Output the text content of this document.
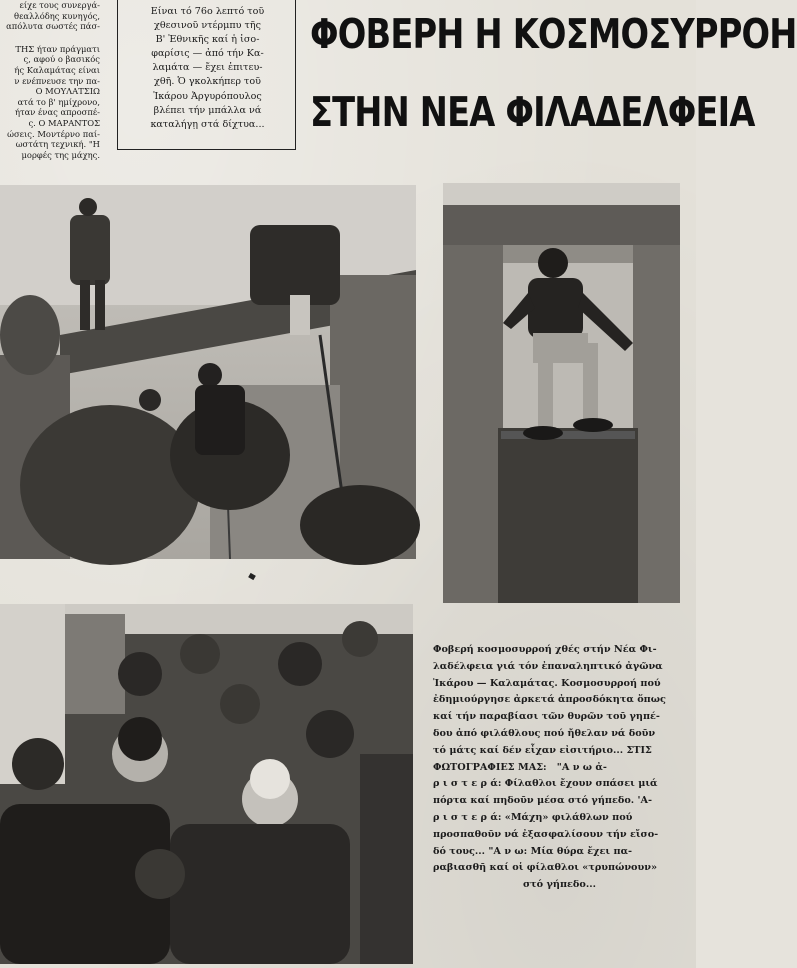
είχε τους συνεργά-
θεαλλόδης κυνηγός,
απόλυτα σωστές πάσ-
ΤΗΣ ήταν πράγματι
ς, αφού ο βασικός
ής Καλαμάτας είναι
ν ενέπνευσε την πα-
Ο ΜΟΥΛΑΤΣΙΩ
ατά το β' ημίχρονο,
ήταν ένας απροσπέ-
ς. Ο ΜΑΡΑΝΤΟΣ
ώσεις. Μοντέρνο παί-
ωστάτη τεχνική. "Η
μορφές της μάχης.
Είναι τό 76ο λεπτό τοῦ
χθεσινοῦ ντέρμπυ τῆς
Β' Ἐθνικῆς καί ἡ ἰσο-
φαρίσις — ἀπό τήν Κα-
λαμάτα — ἔχει ἐπιτευ-
χθῆ. Ὁ γκολκήπερ τοῦ
Ἰκάρου Ἀργυρόπουλος
βλέπει τήν μπάλλα νά
καταλήγῃ στά δίχτυα...
ΦΟΒΕΡΗ Η ΚΟΣΜΟΣΥΡΡΟΗ
ΣΤΗΝ ΝΕΑ ΦΙΛΑΔΕΛΦΕΙΑ
Φοβερή κοσμοσυρροή χθές στήν Νέα Φι-
λαδέλφεια γιά τόν ἐπαναληπτικό ἀγῶνα
Ἰκάρου — Καλαμάτας. Κοσμοσυρροή πού
ἐδημιούργησε ἀρκετά ἀπροσδόκητα ὅπως
καί τήν παραβίασι τῶν θυρῶν τοῦ γηπέ-
δου ἀπό φιλάθλους πού ἤθελαν νά δοῦν
τό μάτς καί δέν εἶχαν εἰσιτήριο... ΣΤΙΣ
ΦΩΤΟΓΡΑΦΙΕΣ ΜΑΣ: "Α ν ω ἀ-
ρ ι σ τ ε ρ ά: Φίλαθλοι ἔχουν σπάσει μιά
πόρτα καί πηδοῦν μέσα στό γήπεδο. 'Α-
ρ ι σ τ ε ρ ά: «Μάχη» φιλάθλων πού
προσπαθοῦν νά ἐξασφαλίσουν τήν εἴσο-
δό τους... "Α ν ω: Μία θύρα ἔχει πα-
ραβιασθῆ καί οἱ φίλαθλοι «τρυπώνουν»
στό γήπεδο...
